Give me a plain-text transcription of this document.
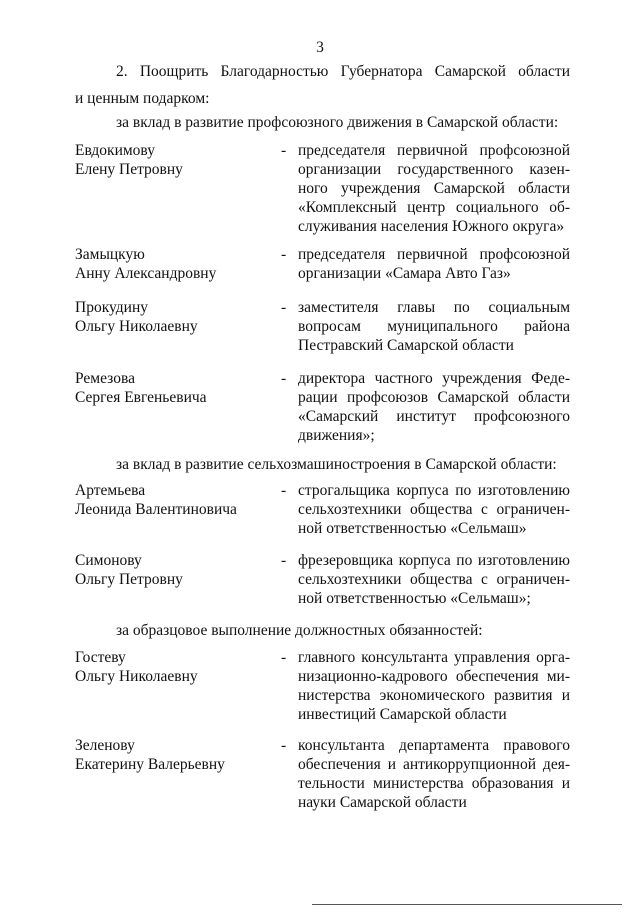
3
2. Поощрить Благодарностью Губернатора Самарской области
и ценным подарком:
за вклад в развитие профсоюзного движения в Самарской области:
Евдокимову
Елену Петровну
- председателя первичной профсоюзной
организации государственного казен-
ного учреждения Самарской области
«Комплексный центр социального об-
служивания населения Южного округа»
Замыцкую
Анну Александровну
- председателя первичной профсоюзной
организации «Самара Авто Газ»
Прокудину
Ольгу Николаевну
- заместителя главы по социальным
вопросам муниципального района
Пестравский Самарской области
Ремезова
Сергея Евгеньевича
- директора частного учреждения Феде-
рации профсоюзов Самарской области
«Самарский институт профсоюзного
движения»;
за вклад в развитие сельхозмашиностроения в Самарской области:
Артемьева
Леонида Валентиновича
- строгальщика корпуса по изготовлению
сельхозтехники общества с ограничен-
ной ответственностью «Сельмаш»
Симонову
Ольгу Петровну
- фрезеровщика корпуса по изготовлению
сельхозтехники общества с ограничен-
ной ответственностью «Сельмаш»;
за образцовое выполнение должностных обязанностей:
Гостеву
Ольгу Николаевну
- главного консультанта управления орга-
низационно-кадрового обеспечения ми-
нистерства экономического развития и
инвестиций Самарской области
Зеленову
Екатерину Валерьевну
- консультанта департамента правового
обеспечения и антикоррупционной дея-
тельности министерства образования и
науки Самарской области
